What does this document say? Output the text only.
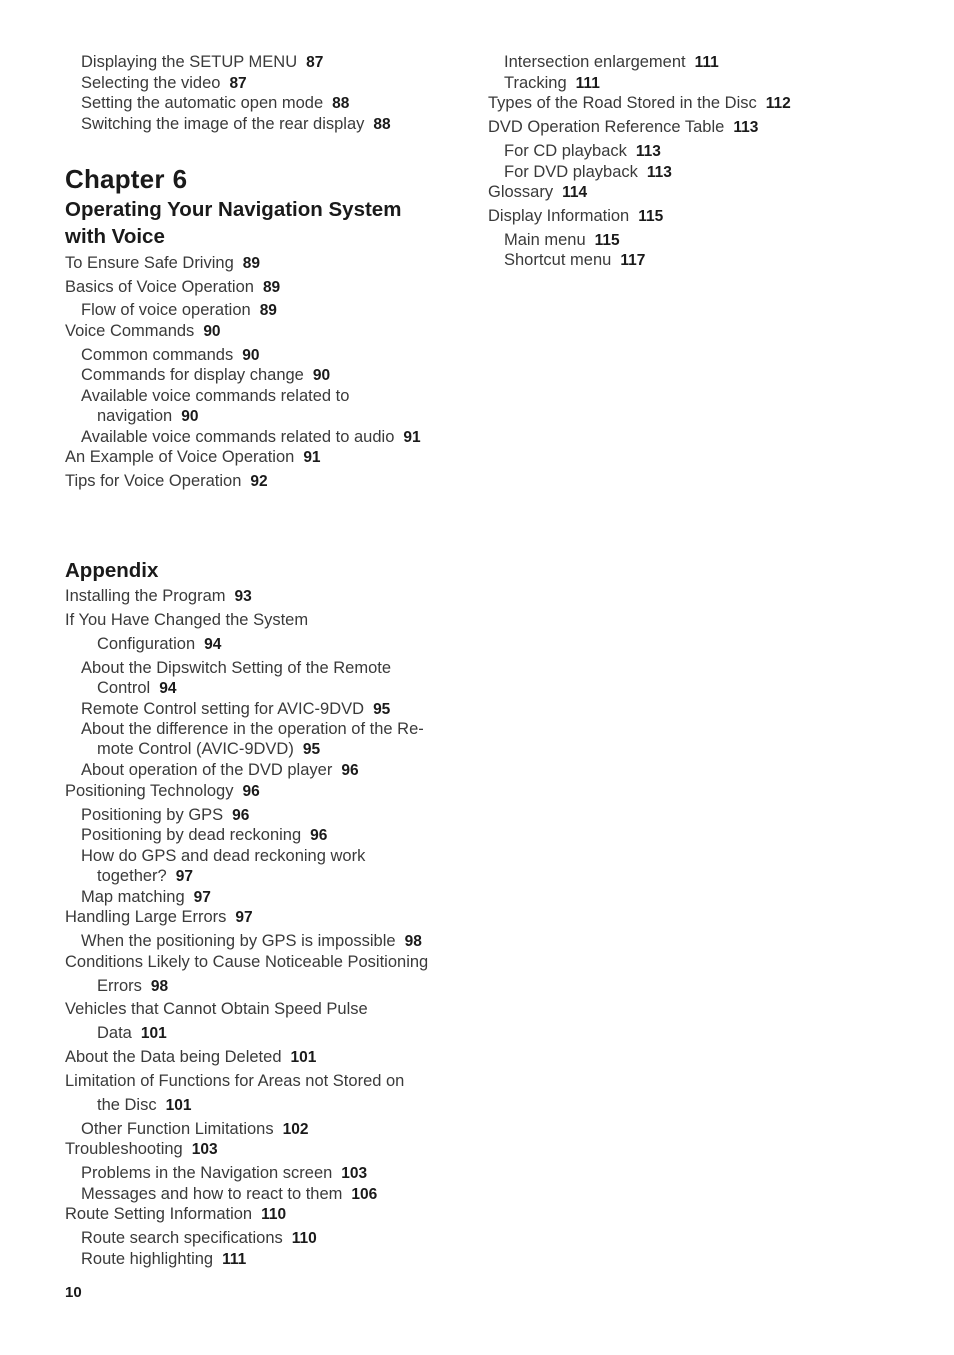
Displaying the SETUP MENU 87
Selecting the video 87
Setting the automatic open mode 88
Switching the image of the rear display 88
Chapter 6
Operating Your Navigation System
with Voice
To Ensure Safe Driving 89
Basics of Voice Operation 89
Flow of voice operation 89
Voice Commands 90
Common commands 90
Commands for display change 90
Available voice commands related to
navigation 90
Available voice commands related to audio 91
An Example of Voice Operation 91
Tips for Voice Operation 92
Appendix
Installing the Program 93
If You Have Changed the System
Configuration 94
About the Dipswitch Setting of the Remote
Control 94
Remote Control setting for AVIC-9DVD 95
About the difference in the operation of the Re-
mote Control (AVIC-9DVD) 95
About operation of the DVD player 96
Positioning Technology 96
Positioning by GPS 96
Positioning by dead reckoning 96
How do GPS and dead reckoning work
together? 97
Map matching 97
Handling Large Errors 97
When the positioning by GPS is impossible 98
Conditions Likely to Cause Noticeable Positioning
Errors 98
Vehicles that Cannot Obtain Speed Pulse
Data 101
About the Data being Deleted 101
Limitation of Functions for Areas not Stored on
the Disc 101
Other Function Limitations 102
Troubleshooting 103
Problems in the Navigation screen 103
Messages and how to react to them 106
Route Setting Information 110
Route search specifications 110
Route highlighting 111
Intersection enlargement 111
Tracking 111
Types of the Road Stored in the Disc 112
DVD Operation Reference Table 113
For CD playback 113
For DVD playback 113
Glossary 114
Display Information 115
Main menu 115
Shortcut menu 117
10
